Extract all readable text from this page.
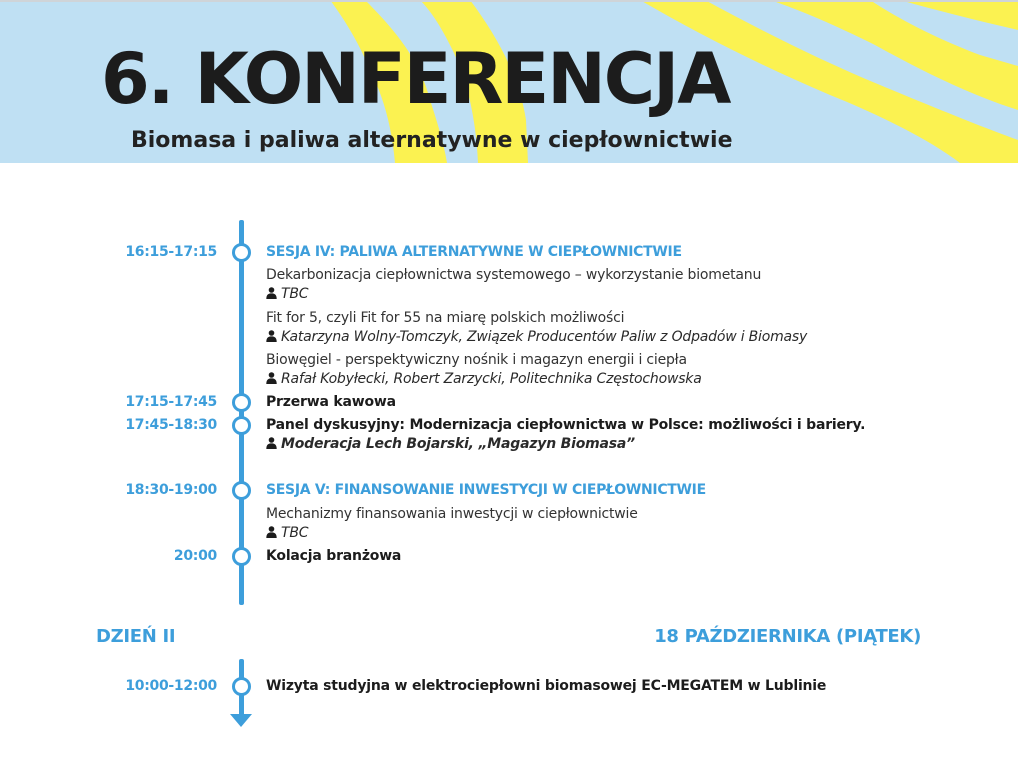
6. KONFERENCJA
Biomasa i paliwa alternatywne w ciepłownictwie
16:15-17:15	SESJA IV: PALIWA ALTERNATYWNE W CIEPŁOWNICTWIE
Dekarbonizacja ciepłownictwa systemowego – wykorzystanie biometanu
TBC
Fit for 5, czyli Fit for 55 na miarę polskich możliwości
Katarzyna Wolny-Tomczyk, Związek Producentów Paliw z Odpadów i Biomasy
Biowęgiel - perspektywiczny nośnik i magazyn energii i ciepła
Rafał Kobyłecki, Robert Zarzycki, Politechnika Częstochowska
17:15-17:45	Przerwa kawowa
17:45-18:30	Panel dyskusyjny: Modernizacja ciepłownictwa w Polsce: możliwości i bariery.
Moderacja Lech Bojarski, „Magazyn Biomasa”
18:30-19:00	SESJA V: FINANSOWANIE INWESTYCJI W CIEPŁOWNICTWIE
Mechanizmy finansowania inwestycji w ciepłownictwie
TBC
20:00	Kolacja branżowa
DZIEŃ II	18 PAŹDZIERNIKA (PIĄTEK)
10:00-12:00	Wizyta studyjna w elektrociepłowni biomasowej EC-MEGATEM w Lublinie
